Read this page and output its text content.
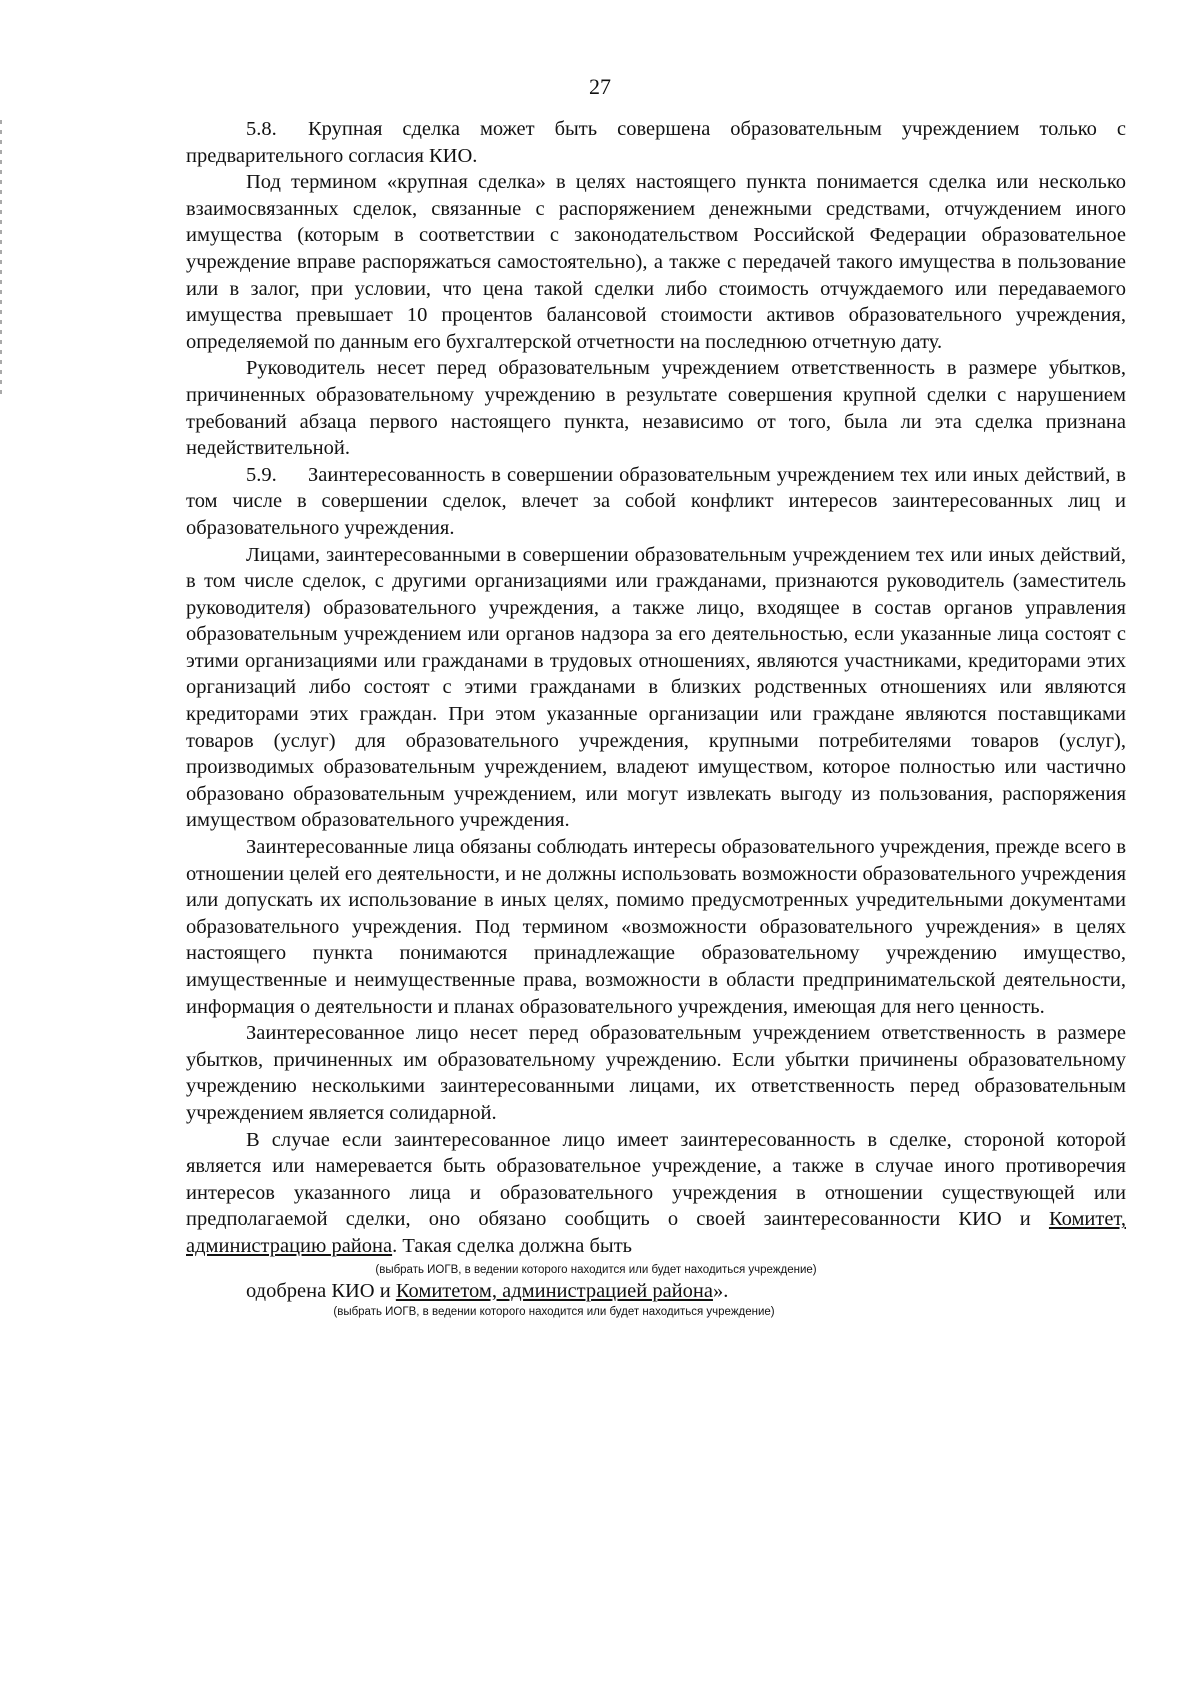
27

5.8. Крупная сделка может быть совершена образовательным учреждением только с предварительного согласия КИО.

Под термином «крупная сделка» в целях настоящего пункта понимается сделка или несколько взаимосвязанных сделок, связанные с распоряжением денежными средствами, отчуждением иного имущества (которым в соответствии с законодательством Российской Федерации образовательное учреждение вправе распоряжаться самостоятельно), а также с передачей такого имущества в пользование или в залог, при условии, что цена такой сделки либо стоимость отчуждаемого или передаваемого имущества превышает 10 процентов балансовой стоимости активов образовательного учреждения, определяемой по данным его бухгалтерской отчетности на последнюю отчетную дату.

Руководитель несет перед образовательным учреждением ответственность в размере убытков, причиненных образовательному учреждению в результате совершения крупной сделки с нарушением требований абзаца первого настоящего пункта, независимо от того, была ли эта сделка признана недействительной.

5.9. Заинтересованность в совершении образовательным учреждением тех или иных действий, в том числе в совершении сделок, влечет за собой конфликт интересов заинтересованных лиц и образовательного учреждения.

Лицами, заинтересованными в совершении образовательным учреждением тех или иных действий, в том числе сделок, с другими организациями или гражданами, признаются руководитель (заместитель руководителя) образовательного учреждения, а также лицо, входящее в состав органов управления образовательным учреждением или органов надзора за его деятельностью, если указанные лица состоят с этими организациями или гражданами в трудовых отношениях, являются участниками, кредиторами этих организаций либо состоят с этими гражданами в близких родственных отношениях или являются кредиторами этих граждан. При этом указанные организации или граждане являются поставщиками товаров (услуг) для образовательного учреждения, крупными потребителями товаров (услуг), производимых образовательным учреждением, владеют имуществом, которое полностью или частично образовано образовательным учреждением, или могут извлекать выгоду из пользования, распоряжения имуществом образовательного учреждения.

Заинтересованные лица обязаны соблюдать интересы образовательного учреждения, прежде всего в отношении целей его деятельности, и не должны использовать возможности образовательного учреждения или допускать их использование в иных целях, помимо предусмотренных учредительными документами образовательного учреждения. Под термином «возможности образовательного учреждения» в целях настоящего пункта понимаются принадлежащие образовательному учреждению имущество, имущественные и неимущественные права, возможности в области предпринимательской деятельности, информация о деятельности и планах образовательного учреждения, имеющая для него ценность.

Заинтересованное лицо несет перед образовательным учреждением ответственность в размере убытков, причиненных им образовательному учреждению. Если убытки причинены образовательному учреждению несколькими заинтересованными лицами, их ответственность перед образовательным учреждением является солидарной.

В случае если заинтересованное лицо имеет заинтересованность в сделке, стороной которой является или намеревается быть образовательное учреждение, а также в случае иного противоречия интересов указанного лица и образовательного учреждения в отношении существующей или предполагаемой сделки, оно обязано сообщить о своей заинтересованности КИО и Комитет, администрацию района. Такая сделка должна быть

(выбрать ИОГВ, в ведении которого находится или будет находиться учреждение)

одобрена КИО и Комитетом, администрацией района».

(выбрать ИОГВ, в ведении которого находится или будет находиться учреждение)
